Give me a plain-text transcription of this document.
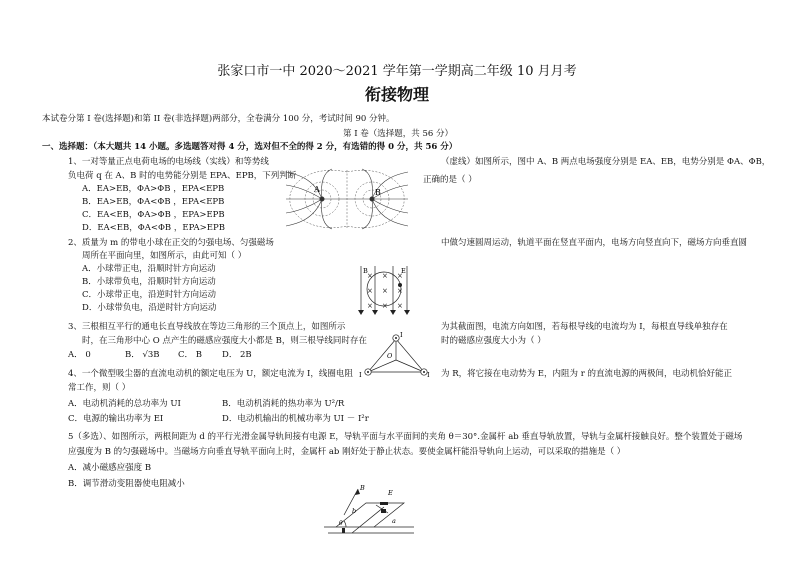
张家口市一中 2020～2021 学年第一学期高二年级 10 月月考
衔接物理
本试卷分第 I 卷(选择题)和第 II 卷(非选择题)两部分，全卷满分 100 分，考试时间 90 分钟。
第 I 卷（选择题，共 56 分）
一、选择题：（本大题共 14 小题。多选题答对得 4 分，选对但不全的得 2 分，有选错的得 0 分，共 56 分）
1、一对等量正点电荷电场的电场线（实线）和等势线	（虚线）如图所示，图中 A、B 两点电场强度分别是 EA、EB，电势分别是 ΦA、ΦB，
负电荷 q 在 A、B 时的电势能分别是 EPA、EPB，下列判断	正确的是（ ）
A．EA>EB，ΦA>ΦB ，EPA<EPB
B．EA>EB，ΦA<ΦB ，EPA<EPB
C．EA<EB，ΦA>ΦB ，EPA>EPB
D．EA<EB，ΦA<ΦB ，EPA>EPB
A	B
2、质量为 m 的带电小球在正交的匀强电场、匀强磁场	中做匀速圆周运动，轨道平面在竖直平面内，电场方向竖直向下，磁场方向垂直圆
周所在平面向里，如图所示，由此可知（ ）
A．小球带正电，沿顺时针方向运动
B．小球带负电，沿顺时针方向运动
C．小球带正电，沿逆时针方向运动
D．小球带负电，沿逆时针方向运动
× × ×
× × ×
× × ×
B	E
3、三根相互平行的通电长直导线放在等边三角形的三个顶点上，如图所示	为其截面图，电流方向如图，若每根导线的电流均为 I，每根直导线单独存在
时，在三角形中心 O 点产生的磁感应强度大小都是 B，则三根导线同时存在	时的磁感应强度大小为（ ）
A． 0	B． √3B C． B D． 2B
I
O
I	I
4、一个微型吸尘器的直流电动机的额定电压为 U，额定电流为 I，线圈电阻	为 R，将它接在电动势为 E，内阻为 r 的直流电源的两极间，电动机恰好能正
常工作，则（ ）
A．电动机消耗的总功率为 UI	B．电动机消耗的热功率为 U²/R
C．电源的输出功率为 EI	D．电动机输出的机械功率为 UI － I²r
5（多选）、如图所示，两根间距为 d 的平行光滑金属导轨间接有电源 E，导轨平面与水平面间的夹角 θ＝30°.金属杆 ab 垂直导轨放置，导轨与金属杆接触良好。整个装置处于磁场
应强度为 B 的匀强磁场中。当磁场方向垂直导轨平面向上时，金属杆 ab 刚好处于静止状态。要使金属杆能沿导轨向上运动，可以采取的措施是（ ）
A．减小磁感应强度 B
B．调节滑动变阻器使电阻减小	B
E
b
a
θ
